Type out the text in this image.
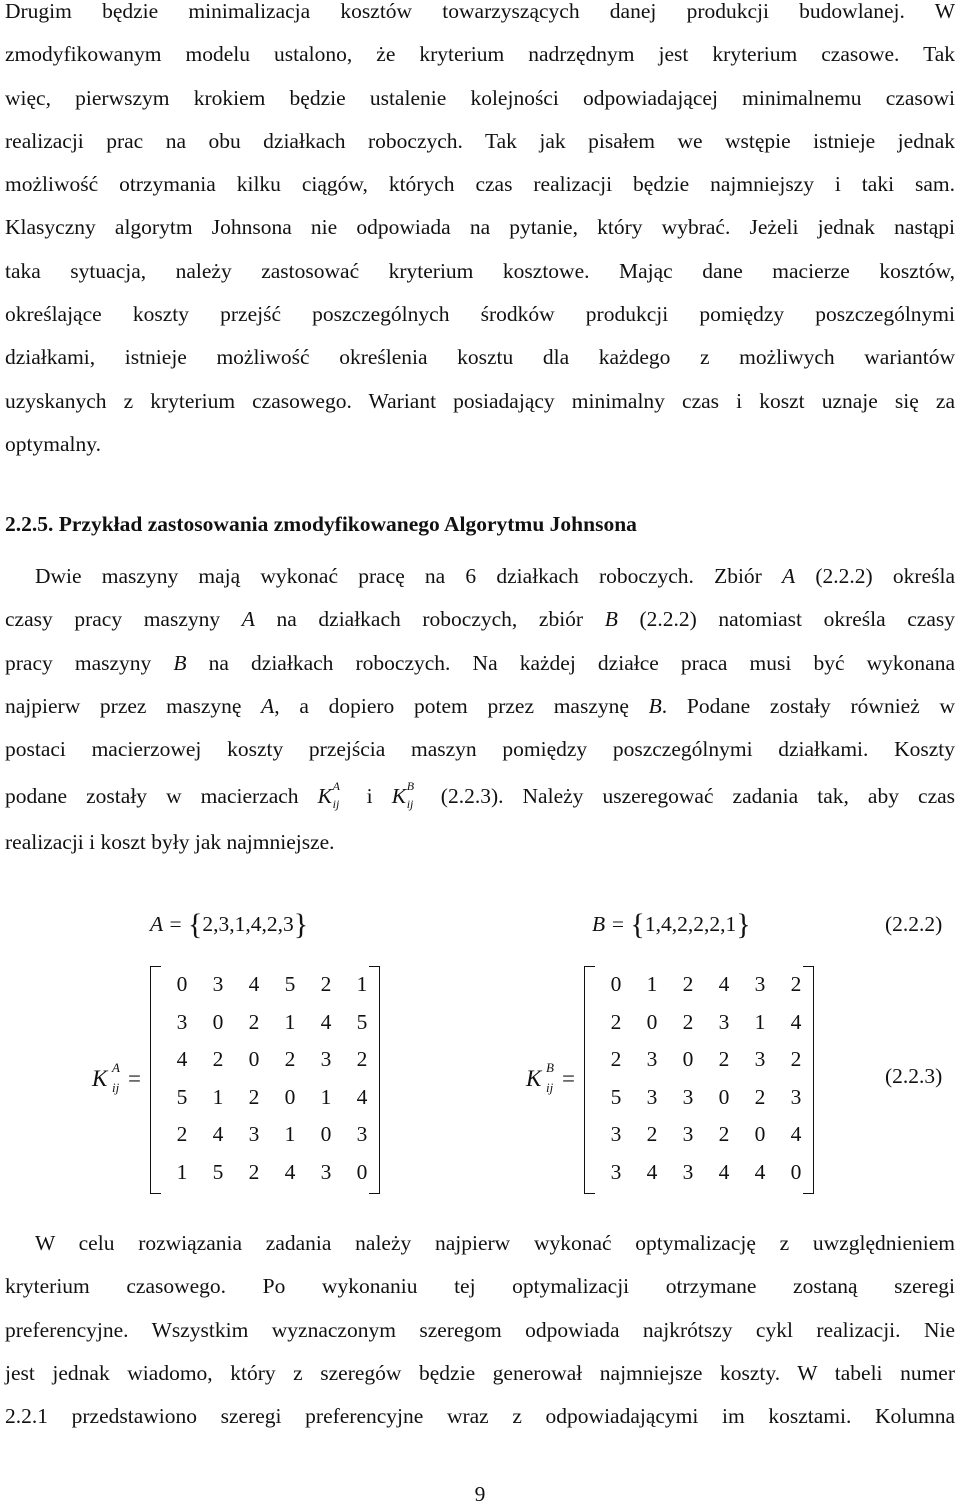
Drugim będzie minimalizacja kosztów towarzyszących danej produkcji budowlanej. W
zmodyfikowanym modelu ustalono, że kryterium nadrzędnym jest kryterium czasowe. Tak
więc, pierwszym krokiem będzie ustalenie kolejności odpowiadającej minimalnemu czasowi
realizacji prac na obu działkach roboczych. Tak jak pisałem we wstępie istnieje jednak
możliwość otrzymania kilku ciągów, których czas realizacji będzie najmniejszy i taki sam.
Klasyczny algorytm Johnsona nie odpowiada na pytanie, który wybrać. Jeżeli jednak nastąpi
taka sytuacja, należy zastosować kryterium kosztowe. Mając dane macierze kosztów,
określające koszty przejść poszczególnych środków produkcji pomiędzy poszczególnymi
działkami, istnieje możliwość określenia kosztu dla każdego z możliwych wariantów
uzyskanych z kryterium czasowego. Wariant posiadający minimalny czas i koszt uznaje się za
optymalny.

2.2.5. Przykład zastosowania zmodyfikowanego Algorytmu Johnsona

Dwie maszyny mają wykonać pracę na 6 działkach roboczych. Zbiór A (2.2.2) określa
czasy pracy maszyny A na działkach roboczych, zbiór B (2.2.2) natomiast określa czasy
pracy maszyny B na działkach roboczych. Na każdej działce praca musi być wykonana
najpierw przez maszynę A, a dopiero potem przez maszynę B. Podane zostały również w
postaci macierzowej koszty przejścia maszyn pomiędzy poszczególnymi działkami. Koszty
podane zostały w macierzach K A
ij i K B
ij (2.2.3). Należy uszeregować zadania tak, aby czas
realizacji i koszt były jak najmniejsze.

A = {2,3,1,4,2,3}	B = {1,4,2,2,2,1}	(2.2.2)
K A
ij =
0	3	4	5	2	1
3	0	2	1	4	5
4	2	0	2	3	2
5	1	2	0	1	4
2	4	3	1	0	3
1	5	2	4	3	0
K B
ij =
0	1	2	4	3	2
2	0	2	3	1	4
2	3	0	2	3	2
5	3	3	0	2	3
3	2	3	2	0	4
3	4	3	4	4	0
(2.2.3)

W celu rozwiązania zadania należy najpierw wykonać optymalizację z uwzględnieniem
kryterium czasowego. Po wykonaniu tej optymalizacji otrzymane zostaną szeregi
preferencyjne. Wszystkim wyznaczonym szeregom odpowiada najkrótszy cykl realizacji. Nie
jest jednak wiadomo, który z szeregów będzie generował najmniejsze koszty. W tabeli numer
2.2.1 przedstawiono szeregi preferencyjne wraz z odpowiadającymi im kosztami. Kolumna

9
